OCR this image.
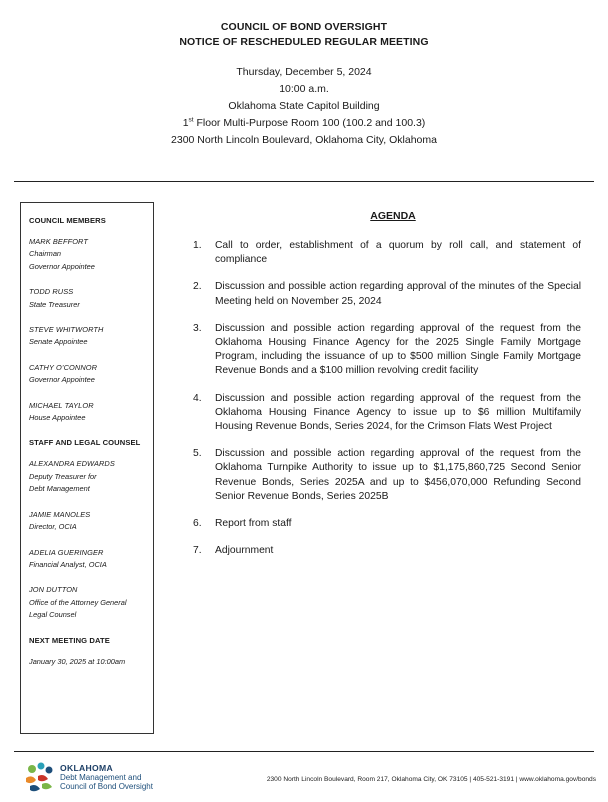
COUNCIL OF BOND OVERSIGHT
NOTICE OF RESCHEDULED REGULAR MEETING
Thursday, December 5, 2024
10:00 a.m.
Oklahoma State Capitol Building
1st Floor Multi-Purpose Room 100 (100.2 and 100.3)
2300 North Lincoln Boulevard, Oklahoma City, Oklahoma
COUNCIL MEMBERS
MARK BEFFORT
Chairman
Governor Appointee
TODD RUSS
State Treasurer
STEVE WHITWORTH
Senate Appointee
CATHY O’CONNOR
Governor Appointee
MICHAEL TAYLOR
House Appointee
STAFF AND LEGAL COUNSEL
ALEXANDRA EDWARDS
Deputy Treasurer for
Debt Management
JAMIE MANOLES
Director, OCIA
ADELIA GUERINGER
Financial Analyst, OCIA
JON DUTTON
Office of the Attorney General
Legal Counsel
NEXT MEETING DATE
January 30, 2025 at 10:00am
AGENDA
1.	Call to order, establishment of a quorum by roll call, and statement of compliance
2.	Discussion and possible action regarding approval of the minutes of the Special Meeting held on November 25, 2024
3.	Discussion and possible action regarding approval of the request from the Oklahoma Housing Finance Agency for the 2025 Single Family Mortgage Program, including the issuance of up to $500 million Single Family Mortgage Revenue Bonds and a $100 million revolving credit facility
4.	Discussion and possible action regarding approval of the request from the Oklahoma Housing Finance Agency to issue up to $6 million Multifamily Housing Revenue Bonds, Series 2024, for the Crimson Flats West Project
5.	Discussion and possible action regarding approval of the request from the Oklahoma Turnpike Authority to issue up to $1,175,860,725 Second Senior Revenue Bonds, Series 2025A and up to $456,070,000 Refunding Second Senior Revenue Bonds, Series 2025B
6.	Report from staff
7.	Adjournment
OKLAHOMA
Debt Management and
Council of Bond Oversight
2300 North Lincoln Boulevard, Room 217, Oklahoma City, OK 73105 | 405-521-3191 | www.oklahoma.gov/bonds
